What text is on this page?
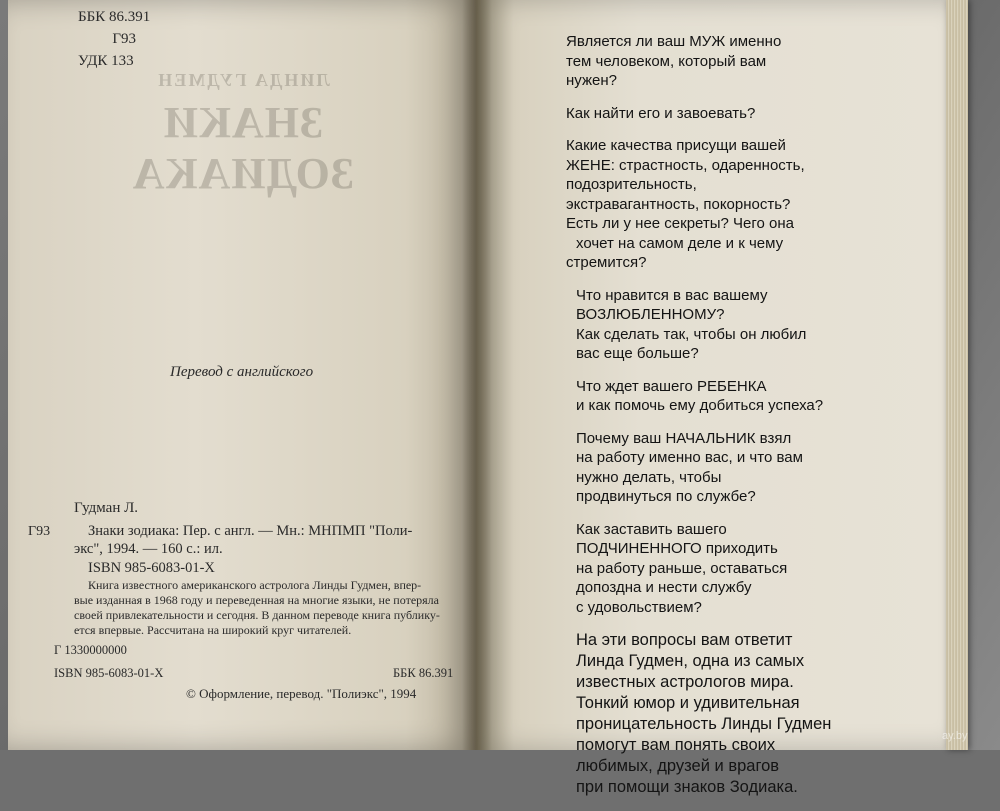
ББК 86.391
Г93
УДК 133
ЛИНДА ГУДМЕН
ЗНАКИ ЗОДИАКА
Перевод с английского
Гудман Л.
Г93	Знаки зодиака: Пер. с англ. — Мн.: МНПМП "Поли-
экс", 1994. — 160 с.: ил.
ISBN 985-6083-01-X
Книга известного американского астролога Линды Гудмен, впер-
вые изданная в 1968 году и переведенная на многие языки, не потеряла
своей привлекательности и сегодня. В данном переводе книга публику-
ется впервые. Рассчитана на широкий круг читателей.
Г 1330000000
ISBN 985-6083-01-X	ББК 86.391
© Оформление, перевод. "Полиэкс", 1994
Является ли ваш МУЖ именно
тем человеком, который вам
нужен?
Как найти его и завоевать?
Какие качества присущи вашей
ЖЕНЕ: страстность, одаренность,
подозрительность,
экстравагантность, покорность?
Есть ли у нее секреты? Чего она
хочет на самом деле и к чему
стремится?
Что нравится в вас вашему
ВОЗЛЮБЛЕННОМУ?
Как сделать так, чтобы он любил
вас еще больше?
Что ждет вашего РЕБЕНКА
и как помочь ему добиться успеха?
Почему ваш НАЧАЛЬНИК взял
на работу именно вас, и что вам
нужно делать, чтобы
продвинуться по службе?
Как заставить вашего
ПОДЧИНЕННОГО приходить
на работу раньше, оставаться
допоздна и нести службу
с удовольствием?
На эти вопросы вам ответит
Линда Гудмен, одна из самых
известных астрологов мира.
Тонкий юмор и удивительная
проницательность Линды Гудмен
помогут вам понять своих
любимых, друзей и врагов
при помощи знаков Зодиака.
ay.by
